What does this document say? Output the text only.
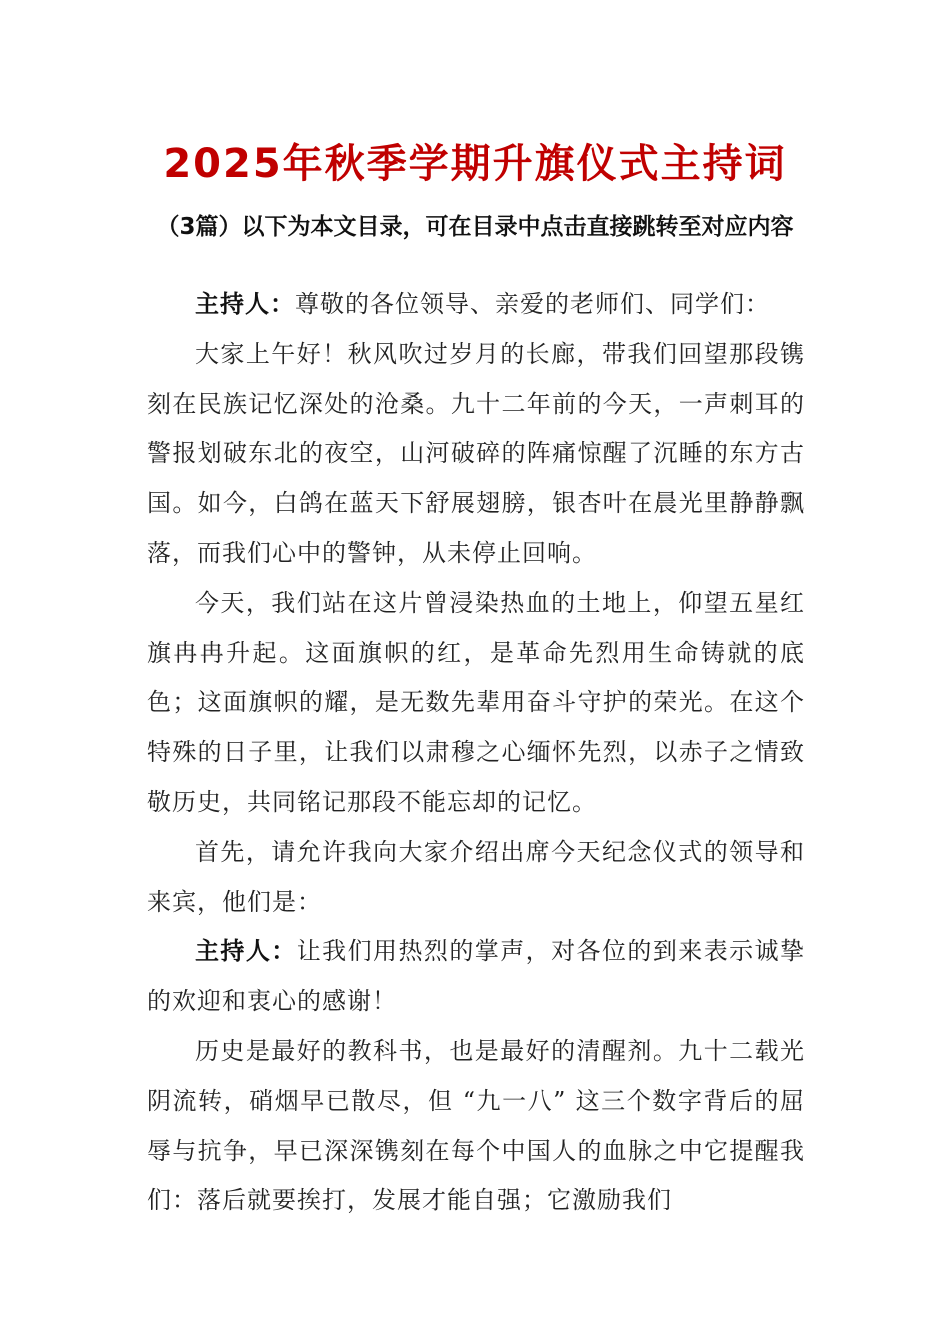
2025年秋季学期升旗仪式主持词
（3篇）以下为本文目录，可在目录中点击直接跳转至对应内容

主持人：尊敬的各位领导、亲爱的老师们、同学们：

大家上午好！秋风吹过岁月的长廊，带我们回望那段镌刻在民族记忆深处的沧桑。九十二年前的今天，一声刺耳的警报划破东北的夜空，山河破碎的阵痛惊醒了沉睡的东方古国。如今，白鸽在蓝天下舒展翅膀，银杏叶在晨光里静静飘落，而我们心中的警钟，从未停止回响。

今天，我们站在这片曾浸染热血的土地上，仰望五星红旗冉冉升起。这面旗帜的红，是革命先烈用生命铸就的底色；这面旗帜的耀，是无数先辈用奋斗守护的荣光。在这个特殊的日子里，让我们以肃穆之心缅怀先烈，以赤子之情致敬历史，共同铭记那段不能忘却的记忆。

首先，请允许我向大家介绍出席今天纪念仪式的领导和来宾，他们是：

主持人：让我们用热烈的掌声，对各位的到来表示诚挚的欢迎和衷心的感谢！

历史是最好的教科书，也是最好的清醒剂。九十二载光阴流转，硝烟早已散尽，但 “九一八” 这三个数字背后的屈辱与抗争，早已深深镌刻在每个中国人的血脉之中它提醒我们：落后就要挨打，发展才能自强；它激励我们
